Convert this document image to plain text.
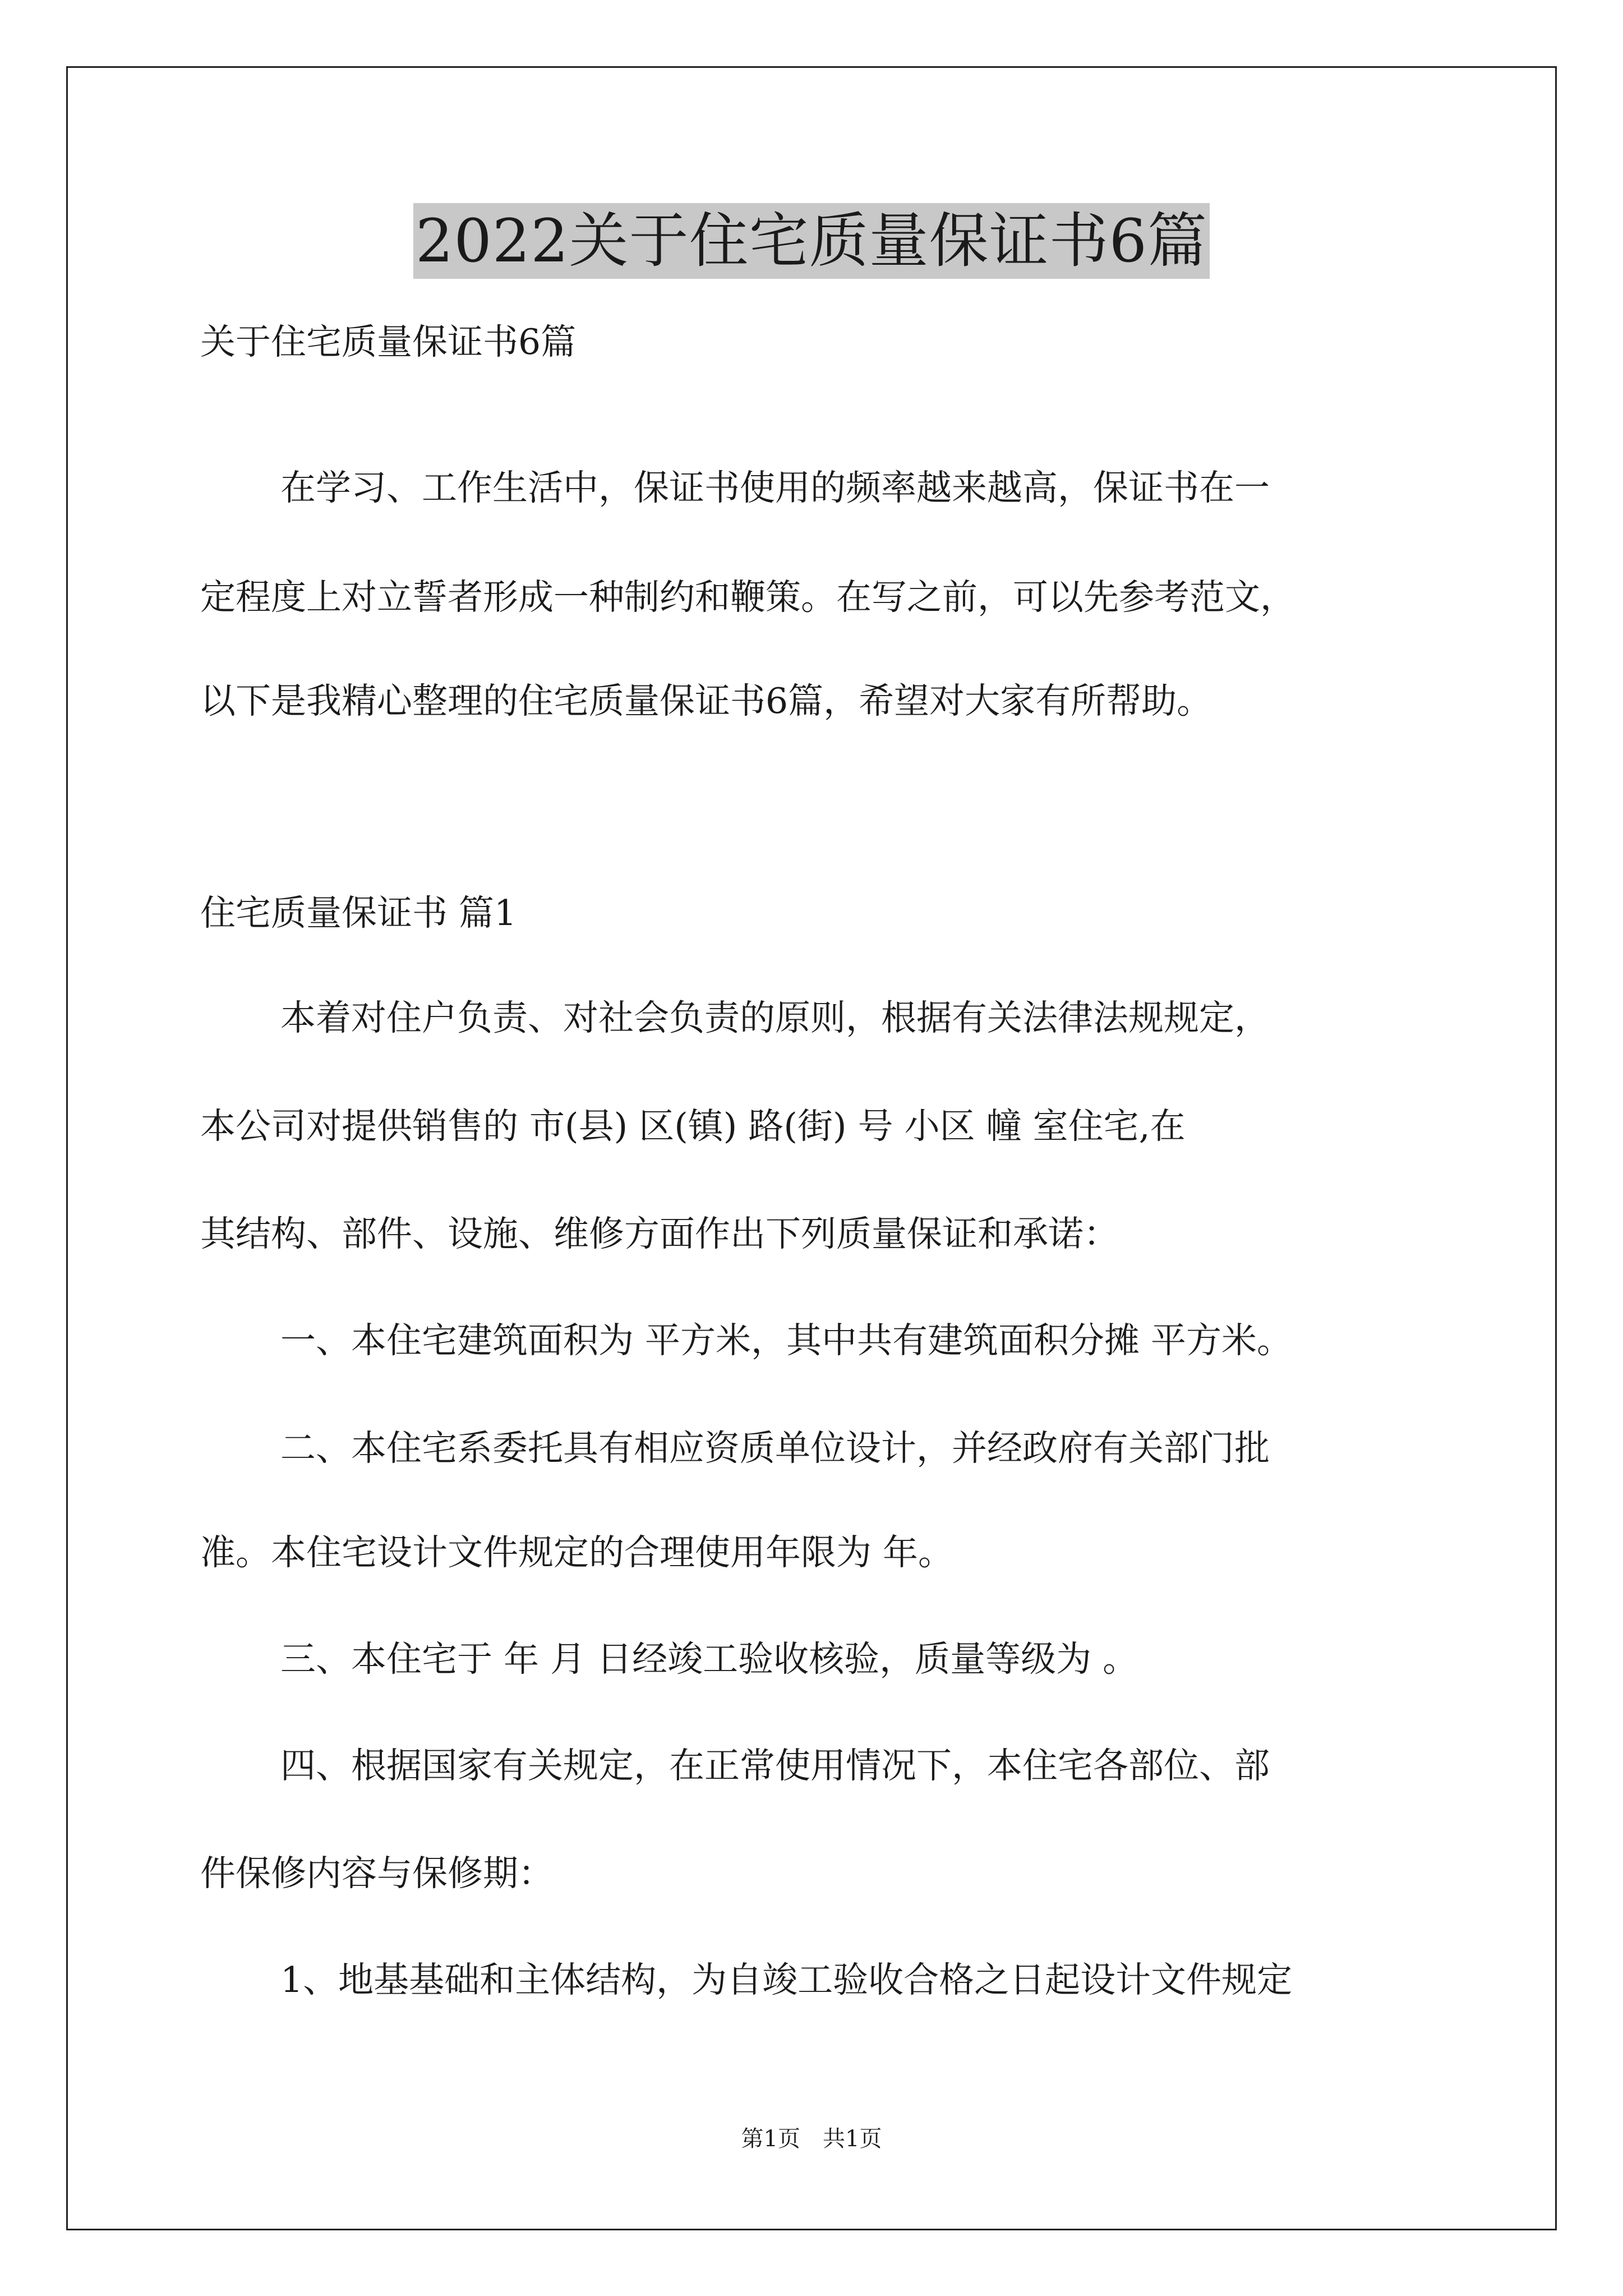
2022关于住宅质量保证书6篇
关于住宅质量保证书6篇
在学习、工作生活中，保证书使用的频率越来越高，保证书在一
定程度上对立誓者形成一种制约和鞭策。在写之前，可以先参考范文，
以下是我精心整理的住宅质量保证书6篇，希望对大家有所帮助。
住宅质量保证书 篇1
本着对住户负责、对社会负责的原则，根据有关法律法规规定，
本公司对提供销售的 市(县) 区(镇) 路(街) 号 小区 幢 室住宅,在
其结构、部件、设施、维修方面作出下列质量保证和承诺：
一、本住宅建筑面积为 平方米，其中共有建筑面积分摊 平方米。
二、本住宅系委托具有相应资质单位设计，并经政府有关部门批
准。本住宅设计文件规定的合理使用年限为 年。
三、本住宅于 年 月 日经竣工验收核验，质量等级为 。
四、根据国家有关规定，在正常使用情况下，本住宅各部位、部
件保修内容与保修期：
1、地基基础和主体结构，为自竣工验收合格之日起设计文件规定
第1页　共1页
